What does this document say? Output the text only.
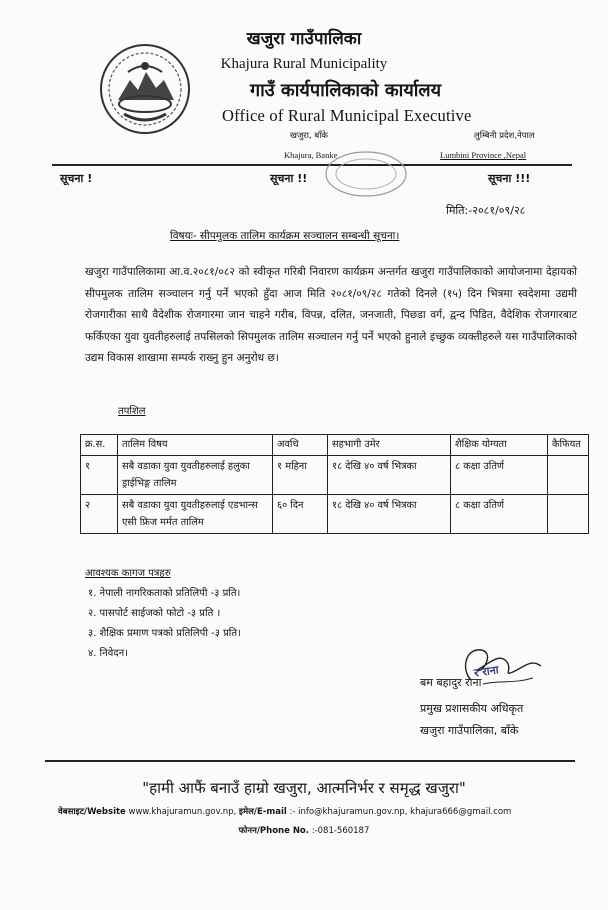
खजुरा गाउँपालिका
Khajura Rural Municipality
गाउँ कार्यपालिकाको कार्यालय
Office of Rural Municipal Executive
खजुरा, बाँके
Khajura, Banke
लुम्बिनी प्रदेश,नेपाल
Lumbini Province ,Nepal
सूचना !	सूचना !!	सूचना !!!
मिति:-२०८१/०९/२८
विषयः- सीपमुलक तालिम कार्यक्रम सञ्चालन सम्बन्धी सूचना।
खजुरा गाउँपालिकामा आ.व.२०८१/०८२ को स्वीकृत गरिबी निवारण कार्यक्रम अन्तर्गत खजुरा गाउँपालिकाको आयोजनामा देहायको सीपमुलक तालिम सञ्चालन गर्नु पर्ने भएको हुँदा आज मिति २०८१/०९/२८ गतेको दिनले (१५) दिन भित्रमा स्वदेशमा उद्यमी रोजगारीका साथै वैदेशीक रोजगारमा जान चाहने गरीब, विपन्न, दलित, जनजाती, पिछडा वर्ग, द्वन्द पिडित, वैदेशिक रोजगारबाट फर्किएका युवा युवतीहरुलाई तपसिलको सिपमुलक तालिम सञ्चालन गर्नु पर्ने भएको हुनाले इच्छुक व्यक्तीहरुले यस गाउँपालिकाको उद्यम विकास शाखामा सम्पर्क राख्नु हुन अनुरोध छ।
तपशिल
क्र.स.	तालिम विषय	अवधि	सहभागी उमेर	शैक्षिक योग्यता	कैफियत
१	सबै वडाका युवा युवतीहरुलाई हलुका ड्राईभिङ्ग तालिम	१ महिना	१८ देखि ४० वर्ष भित्रका	८ कक्षा उतिर्ण	
२	सबै वडाका युवा युवतीहरुलाई एडभान्स एसी फ्रिज मर्मत तालिम	६० दिन	१८ देखि ४० वर्ष भित्रका	८ कक्षा उतिर्ण	
आवश्यक कागज पत्रहरु
१. नेपाली नागरिकताको प्रतिलिपी -३ प्रति।
२. पासपोर्ट साईजको फोटो -३ प्रति ।
३. शैक्षिक प्रमाण पत्रको प्रतिलिपी -३ प्रति।
४. निवेदन।
र राना
बम बहादुर राना
प्रमुख प्रशासकीय अधिकृत
खजुरा गाउँपालिका, बाँके
"हामी आफैं बनाउँ हाम्रो खजुरा, आत्मनिर्भर र समृद्ध खजुरा"
वेबसाइट/Website www.khajuramun.gov.np, इमेल/E-mail :- info@khajuramun.gov.np, khajura666@gmail.com
फोनन/Phone No. :-081-560187
